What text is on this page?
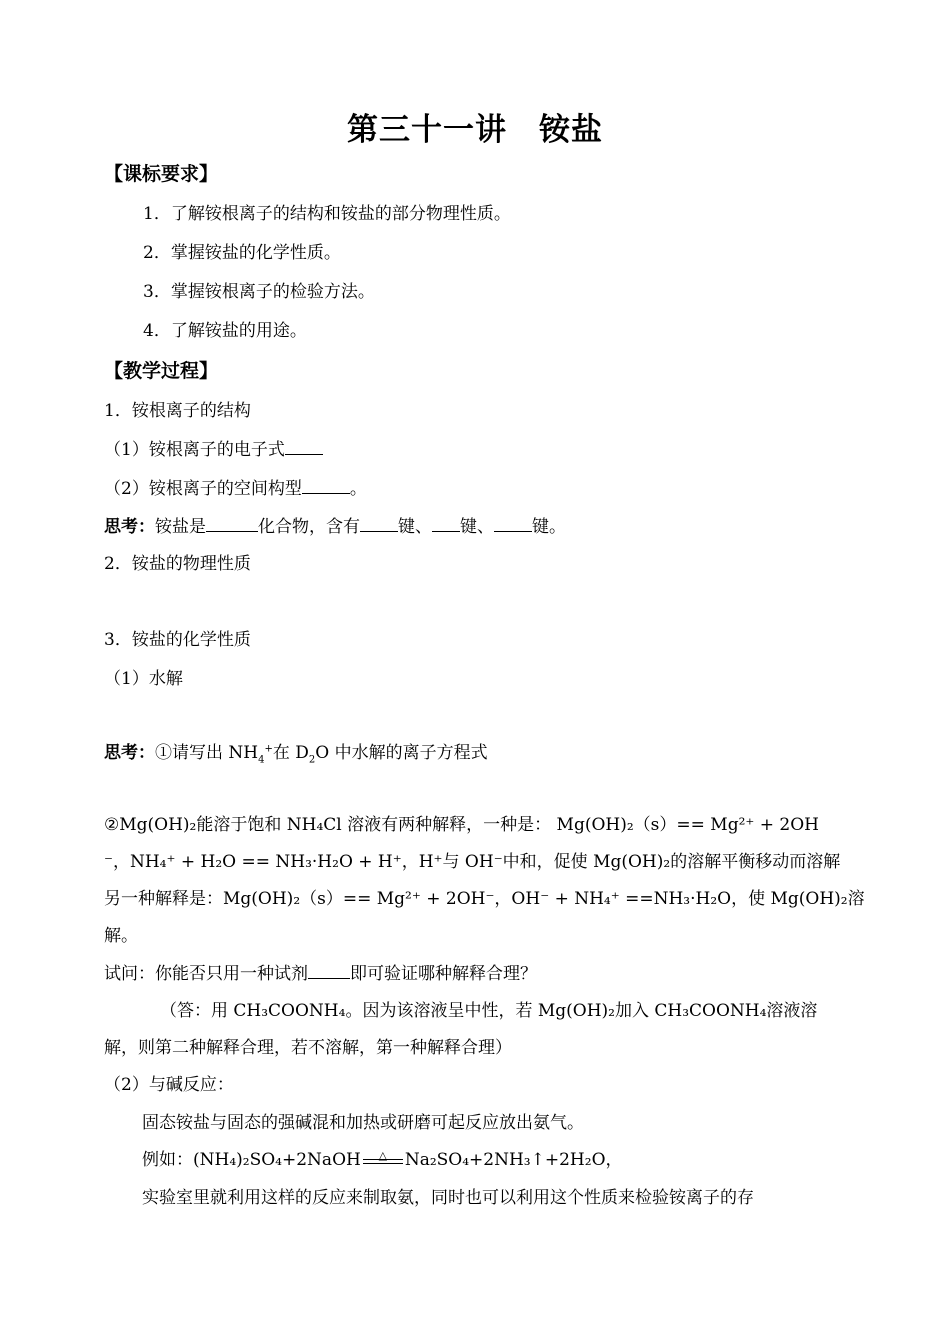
第三十一讲　铵盐
【课标要求】
1．了解铵根离子的结构和铵盐的部分物理性质。
2．掌握铵盐的化学性质。
3．掌握铵根离子的检验方法。
4．了解铵盐的用途。
【教学过程】
1．铵根离子的结构
（1）铵根离子的电子式
（2）铵根离子的空间构型	。
思考：铵盐是	化合物，含有 键、 键、 键。
2．铵盐的物理性质
3．铵盐的化学性质
（1）水解
思考：①请写出 $NH_4^+$在 $D_2O$ 中水解的离子方程式
②Mg(OH)₂能溶于饱和 NH₄Cl 溶液有两种解释，一种是： Mg(OH)₂（s）== Mg²⁺ + 2OH
⁻，NH₄⁺ + H₂O == NH₃·H₂O + H⁺，H⁺与 OH⁻中和，促使 Mg(OH)₂的溶解平衡移动而溶解
另一种解释是：Mg(OH)₂（s）== Mg²⁺ + 2OH⁻，OH⁻ + NH₄⁺ ==NH₃·H₂O，使 Mg(OH)₂溶
解。
试问：你能否只用一种试剂 即可验证哪种解释合理？
（答：用 CH₃COONH₄。因为该溶液呈中性，若 Mg(OH)₂加入 CH₃COONH₄溶液溶
解，则第二种解释合理，若不溶解，第一种解释合理）
（2）与碱反应：
固态铵盐与固态的强碱混和加热或研磨可起反应放出氨气。
例如：(NH₄)₂SO₄+2NaOH	△	Na₂SO₄+2NH₃↑+2H₂O，
实验室里就利用这样的反应来制取氨，同时也可以利用这个性质来检验铵离子的存
